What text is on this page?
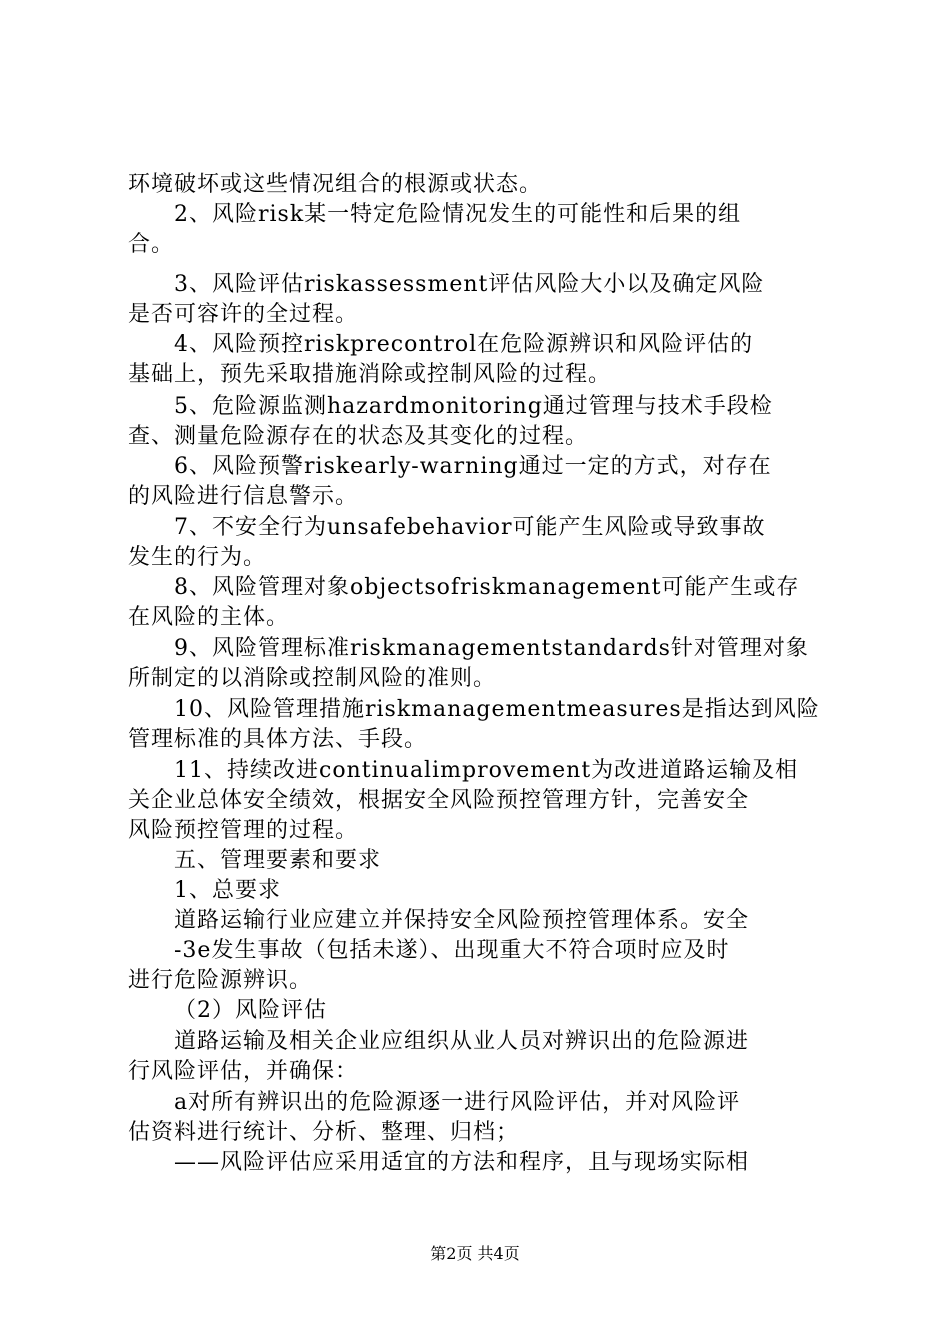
环境破坏或这些情况组合的根源或状态。
2、风险risk某一特定危险情况发生的可能性和后果的组
合。
3、风险评估riskassessment评估风险大小以及确定风险
是否可容许的全过程。
4、风险预控riskprecontrol在危险源辨识和风险评估的
基础上，预先采取措施消除或控制风险的过程。
5、危险源监测hazardmonitoring通过管理与技术手段检
查、测量危险源存在的状态及其变化的过程。
6、风险预警riskearly-warning通过一定的方式，对存在
的风险进行信息警示。
7、不安全行为unsafebehavior可能产生风险或导致事故
发生的行为。
8、风险管理对象objectsofriskmanagement可能产生或存
在风险的主体。
9、风险管理标准riskmanagementstandards针对管理对象
所制定的以消除或控制风险的准则。
10、风险管理措施riskmanagementmeasures是指达到风险
管理标准的具体方法、手段。
11、持续改进continualimprovement为改进道路运输及相
关企业总体安全绩效，根据安全风险预控管理方针，完善安全
风险预控管理的过程。
五、管理要素和要求
1、总要求
道路运输行业应建立并保持安全风险预控管理体系。安全
-3e发生事故（包括未遂）、出现重大不符合项时应及时
进行危险源辨识。
（2）风险评估
道路运输及相关企业应组织从业人员对辨识出的危险源进
行风险评估，并确保：
a对所有辨识出的危险源逐一进行风险评估，并对风险评
估资料进行统计、分析、整理、归档；
——风险评估应采用适宜的方法和程序，且与现场实际相
第2页 共4页
